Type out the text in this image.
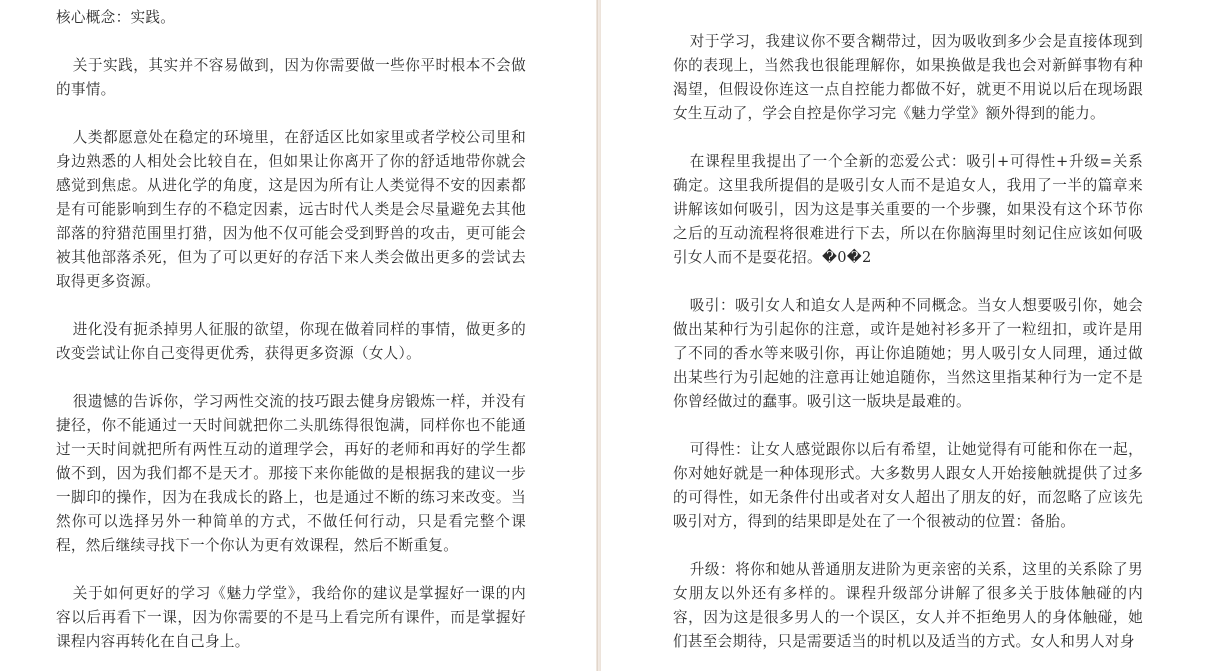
核心概念：实践。

关于实践，其实并不容易做到，因为你需要做一些你平时根本不会做的事情。

人类都愿意处在稳定的环境里，在舒适区比如家里或者学校公司里和身边熟悉的人相处会比较自在，但如果让你离开了你的舒适地带你就会感觉到焦虑。从进化学的角度，这是因为所有让人类觉得不安的因素都是有可能影响到生存的不稳定因素，远古时代人类是会尽量避免去其他部落的狩猎范围里打猎，因为他不仅可能会受到野兽的攻击，更可能会被其他部落杀死，但为了可以更好的存活下来人类会做出更多的尝试去取得更多资源。

进化没有扼杀掉男人征服的欲望，你现在做着同样的事情，做更多的改变尝试让你自己变得更优秀，获得更多资源（女人）。

很遗憾的告诉你，学习两性交流的技巧跟去健身房锻炼一样，并没有捷径，你不能通过一天时间就把你二头肌练得很饱满，同样你也不能通过一天时间就把所有两性互动的道理学会，再好的老师和再好的学生都做不到，因为我们都不是天才。那接下来你能做的是根据我的建议一步一脚印的操作，因为在我成长的路上，也是通过不断的练习来改变。当然你可以选择另外一种简单的方式，不做任何行动，只是看完整个课程，然后继续寻找下一个你认为更有效课程，然后不断重复。

关于如何更好的学习《魅力学堂》，我给你的建议是掌握好一课的内容以后再看下一课，因为你需要的不是马上看完所有课件，而是掌握好课程内容再转化在自己身上。

对于学习，我建议你不要含糊带过，因为吸收到多少会是直接体现到你的表现上，当然我也很能理解你，如果换做是我也会对新鲜事物有种渴望，但假设你连这一点自控能力都做不好，就更不用说以后在现场跟女生互动了，学会自控是你学习完《魅力学堂》额外得到的能力。

在课程里我提出了一个全新的恋爱公式：吸引+可得性+升级=关系确定。这里我所提倡的是吸引女人而不是追女人，我用了一半的篇章来讲解该如何吸引，因为这是事关重要的一个步骤，如果没有这个环节你之后的互动流程将很难进行下去，所以在你脑海里时刻记住应该如何吸引女人而不是耍花招。�0�2

吸引：吸引女人和追女人是两种不同概念。当女人想要吸引你，她会做出某种行为引起你的注意，或许是她衬衫多开了一粒纽扣，或许是用了不同的香水等来吸引你，再让你追随她；男人吸引女人同理，通过做出某些行为引起她的注意再让她追随你，当然这里指某种行为一定不是你曾经做过的蠢事。吸引这一版块是最难的。

可得性：让女人感觉跟你以后有希望，让她觉得有可能和你在一起，你对她好就是一种体现形式。大多数男人跟女人开始接触就提供了过多的可得性，如无条件付出或者对女人超出了朋友的好，而忽略了应该先吸引对方，得到的结果即是处在了一个很被动的位置：备胎。

升级：将你和她从普通朋友进阶为更亲密的关系，这里的关系除了男女朋友以外还有多样的。课程升级部分讲解了很多关于肢体触碰的内容，因为这是很多男人的一个误区，女人并不拒绝男人的身体触碰，她们甚至会期待，只是需要适当的时机以及适当的方式。女人和男人对身
